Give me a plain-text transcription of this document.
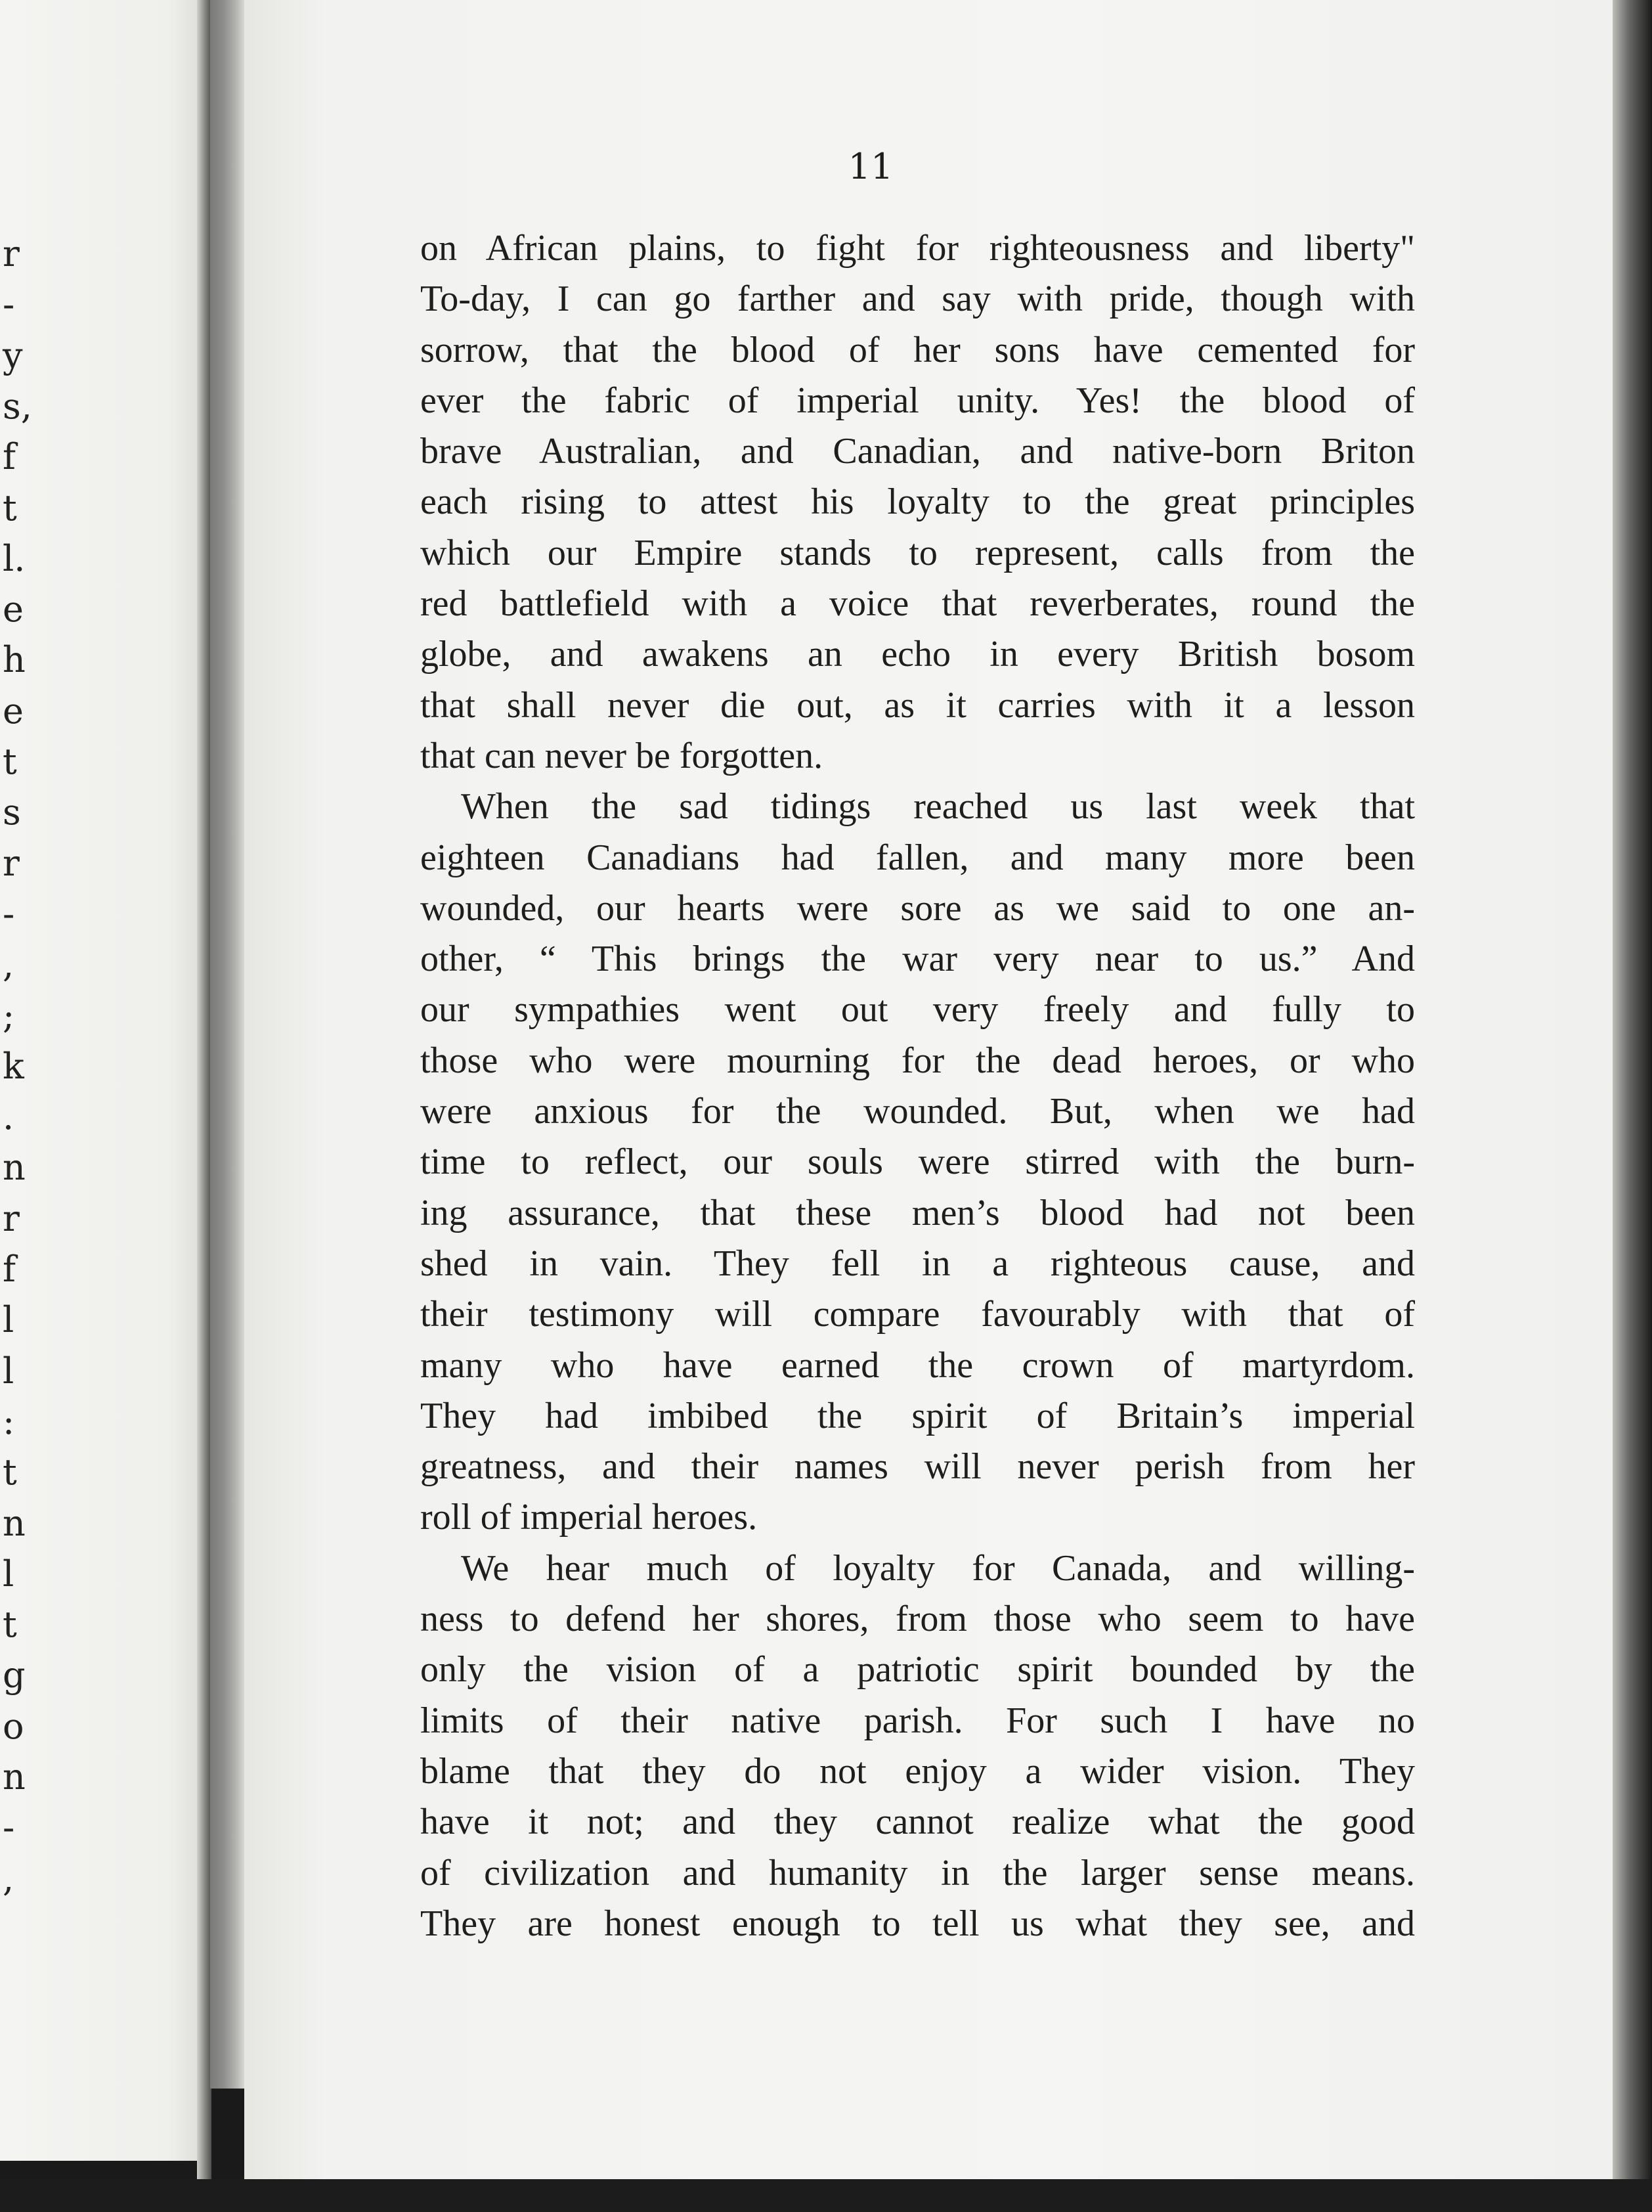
r
-
y
s,
f
t
l.
e
h
e
t
s
r
-
,
;
k
.
n
r
f
l
l
:
t
n
l
t
g
o
n
-
,
11
on African plains, to fight for righteousness and liberty"
To-day, I can go farther and say with pride, though with
sorrow, that the blood of her sons have cemented for
ever the fabric of imperial unity. Yes! the blood of
brave Australian, and Canadian, and native-born Briton
each rising to attest his loyalty to the great principles
which our Empire stands to represent, calls from the
red battlefield with a voice that reverberates, round the
globe, and awakens an echo in every British bosom
that shall never die out, as it carries with it a lesson
that can never be forgotten.
When the sad tidings reached us last week that
eighteen Canadians had fallen, and many more been
wounded, our hearts were sore as we said to one an-
other, “ This brings the war very near to us.” And
our sympathies went out very freely and fully to
those who were mourning for the dead heroes, or who
were anxious for the wounded. But, when we had
time to reflect, our souls were stirred with the burn-
ing assurance, that these men’s blood had not been
shed in vain. They fell in a righteous cause, and
their testimony will compare favourably with that of
many who have earned the crown of martyrdom.
They had imbibed the spirit of Britain’s imperial
greatness, and their names will never perish from her
roll of imperial heroes.
We hear much of loyalty for Canada, and willing-
ness to defend her shores, from those who seem to have
only the vision of a patriotic spirit bounded by the
limits of their native parish. For such I have no
blame that they do not enjoy a wider vision. They
have it not; and they cannot realize what the good
of civilization and humanity in the larger sense means.
They are honest enough to tell us what they see, and
